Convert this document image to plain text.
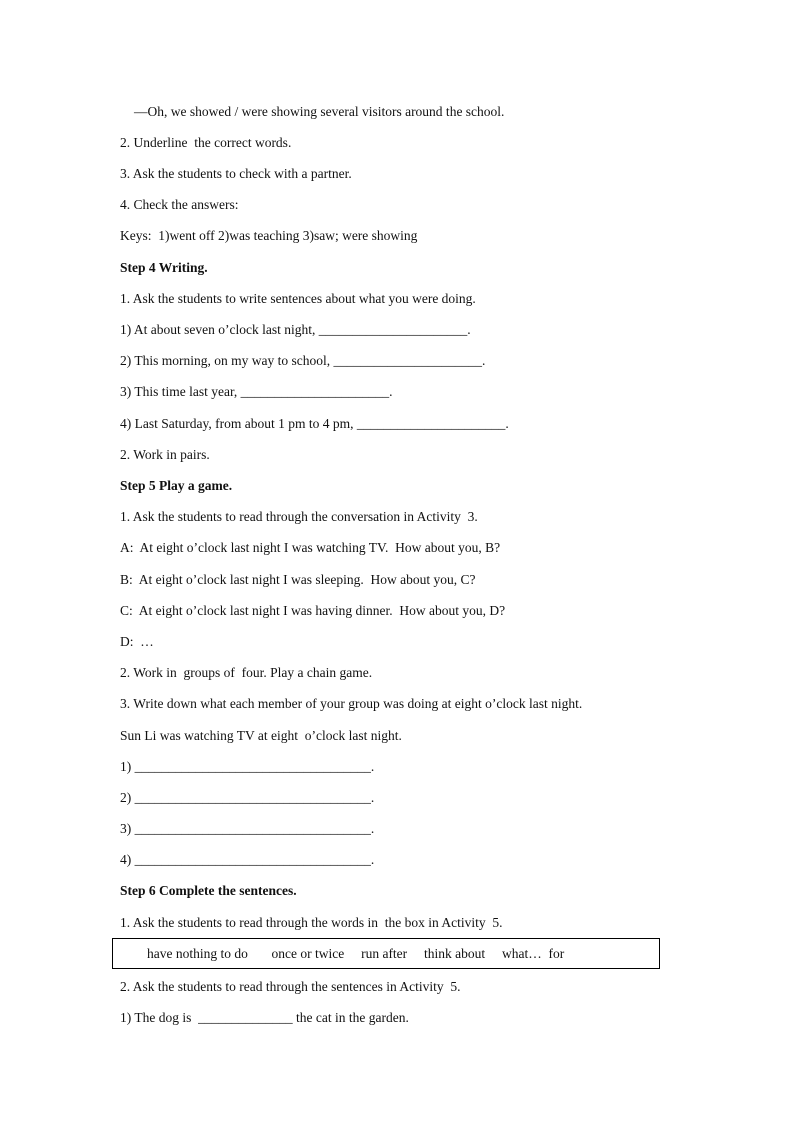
—Oh, we showed / were showing several visitors around the school.
2. Underline  the correct words.
3. Ask the students to check with a partner.
4. Check the answers:
Keys:  1)went off 2)was teaching 3)saw; were showing
Step 4 Writing.
1. Ask the students to write sentences about what you were doing.
1) At about seven o’clock last night, ______________________.
2) This morning, on my way to school, ______________________.
3) This time last year, ______________________.
4) Last Saturday, from about 1 pm to 4 pm, ______________________.
2. Work in pairs.
Step 5 Play a game.
1. Ask the students to read through the conversation in Activity  3.
A:  At eight o’clock last night I was watching TV.  How about you, B?
B:  At eight o’clock last night I was sleeping.  How about you, C?
C:  At eight o’clock last night I was having dinner.  How about you, D?
D:  …
2. Work in  groups of  four. Play a chain game.
3. Write down what each member of your group was doing at eight o’clock last night.
Sun Li was watching TV at eight  o’clock last night.
1) ___________________________________.
2) ___________________________________.
3) ___________________________________.
4) ___________________________________.
Step 6 Complete the sentences.
1. Ask the students to read through the words in  the box in Activity  5.
have nothing to do       once or twice     run after     think about     what…  for
2. Ask the students to read through the sentences in Activity  5.
1) The dog is  ______________ the cat in the garden.
